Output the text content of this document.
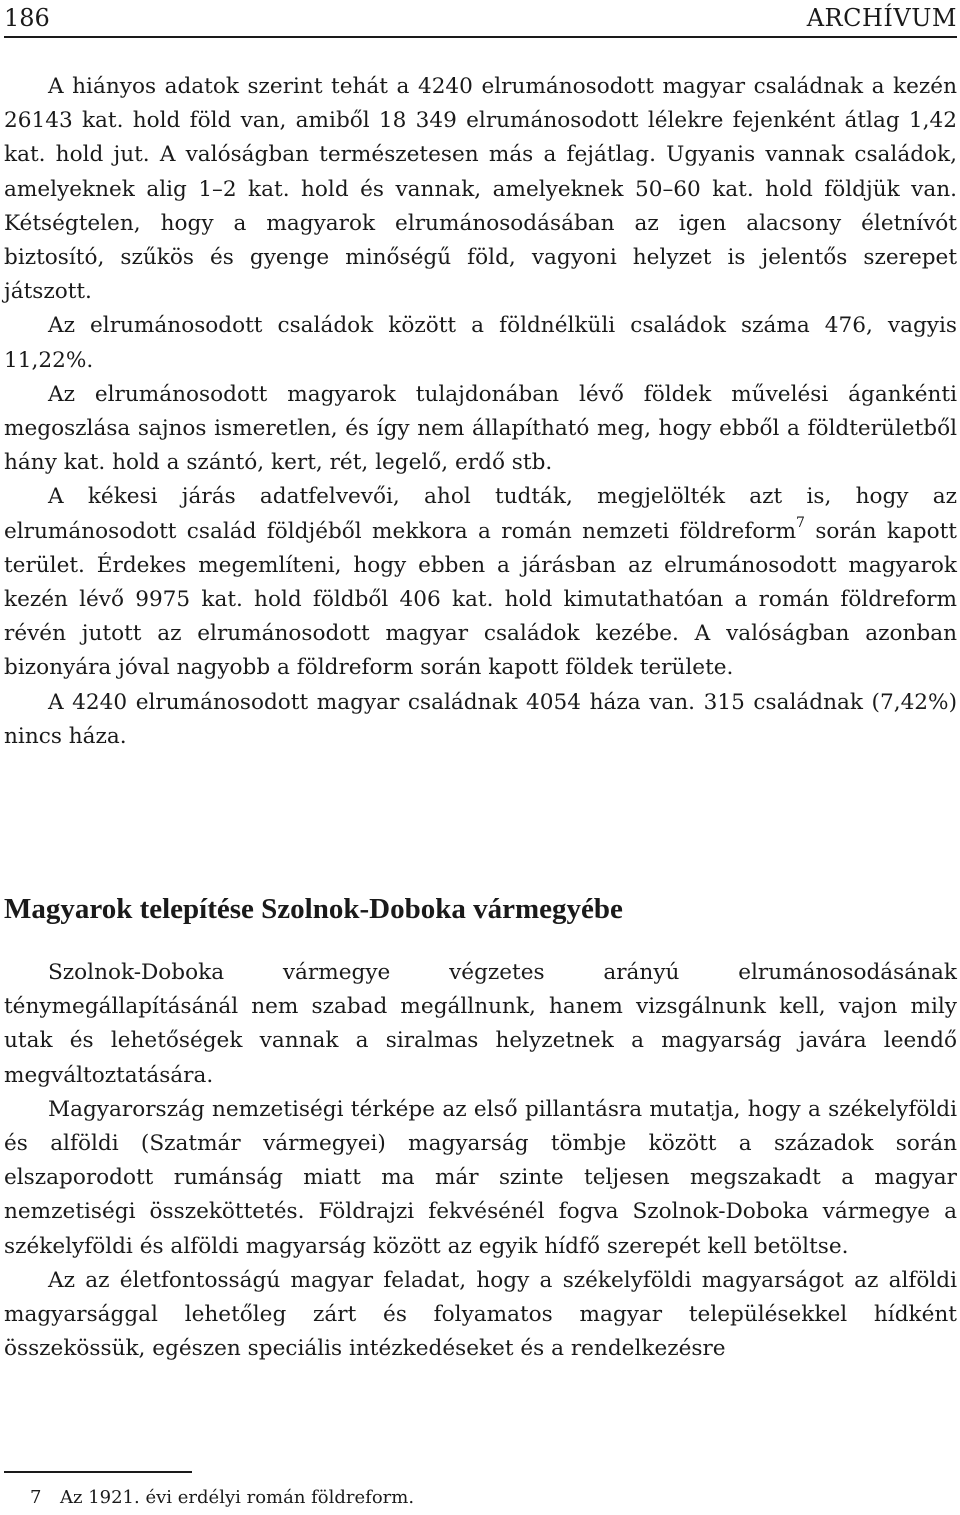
186	ARCHÍVUM

A hiányos adatok szerint tehát a 4240 elrumánosodott magyar családnak a kezén 26143 kat. hold föld van, amiből 18 349 elrumánosodott lélekre fejenként átlag 1,42 kat. hold jut. A valóságban természetesen más a fejátlag. Ugyanis vannak családok, amelyeknek alig 1–2 kat. hold és vannak, amelyeknek 50–60 kat. hold földjük van. Kétségtelen, hogy a magyarok elrumánosodásában az igen alacsony életnívót biztosító, szűkös és gyenge minőségű föld, vagyoni helyzet is jelentős szerepet játszott.

Az elrumánosodott családok között a földnélküli családok száma 476, vagyis 11,22%.

Az elrumánosodott magyarok tulajdonában lévő földek művelési ágankénti megoszlása sajnos ismeretlen, és így nem állapítható meg, hogy ebből a földterületből hány kat. hold a szántó, kert, rét, legelő, erdő stb.

A kékesi járás adatfelvevői, ahol tudták, megjelölték azt is, hogy az elrumánosodott család földjéből mekkora a román nemzeti földreform$^7$ során kapott terület. Érdekes megemlíteni, hogy ebben a járásban az elrumánosodott magyarok kezén lévő 9975 kat. hold földből 406 kat. hold kimutathatóan a román földreform révén jutott az elrumánosodott magyar családok kezébe. A valóságban azonban bizonyára jóval nagyobb a földreform során kapott földek területe.

A 4240 elrumánosodott magyar családnak 4054 háza van. 315 családnak (7,42%) nincs háza.

Magyarok telepítése Szolnok-Doboka vármegyébe

Szolnok-Doboka vármegye végzetes arányú elrumánosodásának ténymegállapításánál nem szabad megállnunk, hanem vizsgálnunk kell, vajon mily utak és lehetőségek vannak a siralmas helyzetnek a magyarság javára leendő megváltoztatására.

Magyarország nemzetiségi térképe az első pillantásra mutatja, hogy a székelyföldi és alföldi (Szatmár vármegyei) magyarság tömbje között a századok során elszaporodott rumánság miatt ma már szinte teljesen megszakadt a magyar nemzetiségi összeköttetés. Földrajzi fekvésénél fogva Szolnok-Doboka vármegye a székelyföldi és alföldi magyarság között az egyik hídfő szerepét kell betöltse.

Az az életfontosságú magyar feladat, hogy a székelyföldi magyarságot az alföldi magyarsággal lehetőleg zárt és folyamatos magyar településekkel hídként összekössük, egészen speciális intézkedéseket és a rendelkezésre

7 Az 1921. évi erdélyi román földreform.
